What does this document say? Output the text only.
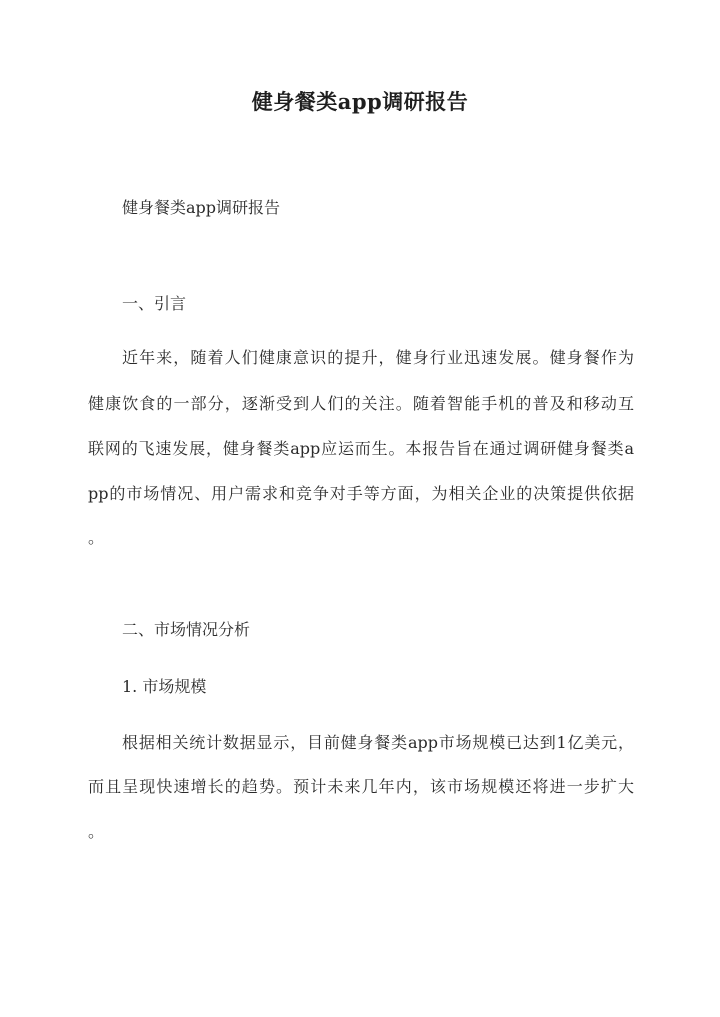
健身餐类app调研报告
健身餐类app调研报告
一、引言
近年来，随着人们健康意识的提升，健身行业迅速发展。健身餐作为
健康饮食的一部分，逐渐受到人们的关注。随着智能手机的普及和移动互
联网的飞速发展，健身餐类app应运而生。本报告旨在通过调研健身餐类a
pp的市场情况、用户需求和竞争对手等方面，为相关企业的决策提供依据
。
二、市场情况分析
1. 市场规模
根据相关统计数据显示，目前健身餐类app市场规模已达到1亿美元，
而且呈现快速增长的趋势。预计未来几年内，该市场规模还将进一步扩大
。
